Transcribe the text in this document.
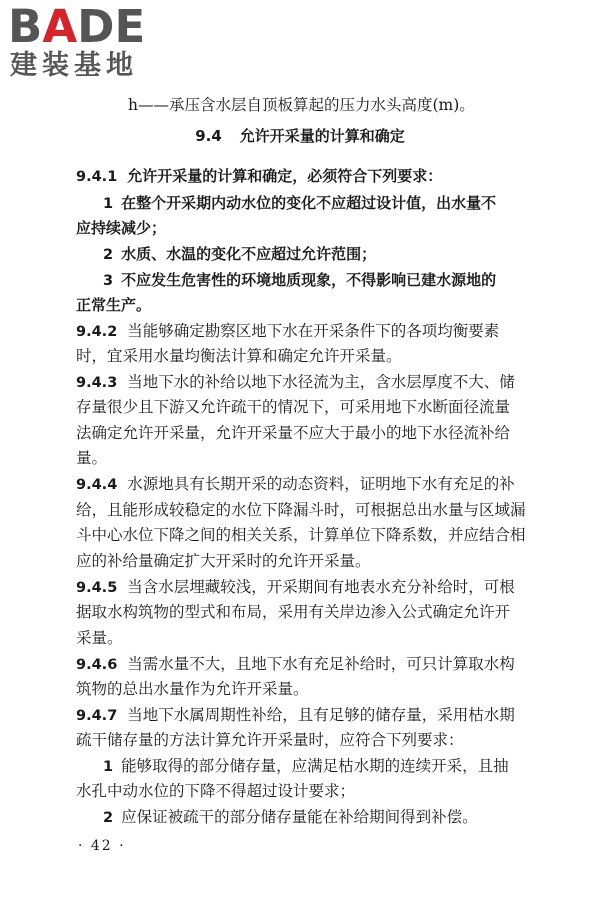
BADE
建装基地
h——承压含水层自顶板算起的压力水头高度(m)。
9.4 允许开采量的计算和确定
9.4.1 允许开采量的计算和确定，必须符合下列要求：
1 在整个开采期内动水位的变化不应超过设计值，出水量不
应持续减少；
2 水质、水温的变化不应超过允许范围；
3 不应发生危害性的环境地质现象，不得影响已建水源地的
正常生产。
9.4.2 当能够确定勘察区地下水在开采条件下的各项均衡要素
时，宜采用水量均衡法计算和确定允许开采量。
9.4.3 当地下水的补给以地下水径流为主，含水层厚度不大、储
存量很少且下游又允许疏干的情况下，可采用地下水断面径流量
法确定允许开采量，允许开采量不应大于最小的地下水径流补给
量。
9.4.4 水源地具有长期开采的动态资料，证明地下水有充足的补
给，且能形成较稳定的水位下降漏斗时，可根据总出水量与区域漏
斗中心水位下降之间的相关关系，计算单位下降系数，并应结合相
应的补给量确定扩大开采时的允许开采量。
9.4.5 当含水层埋藏较浅，开采期间有地表水充分补给时，可根
据取水构筑物的型式和布局，采用有关岸边渗入公式确定允许开
采量。
9.4.6 当需水量不大，且地下水有充足补给时，可只计算取水构
筑物的总出水量作为允许开采量。
9.4.7 当地下水属周期性补给，且有足够的储存量，采用枯水期
疏干储存量的方法计算允许开采量时，应符合下列要求：
1 能够取得的部分储存量，应满足枯水期的连续开采，且抽
水孔中动水位的下降不得超过设计要求；
2 应保证被疏干的部分储存量能在补给期间得到补偿。
· 42 ·
